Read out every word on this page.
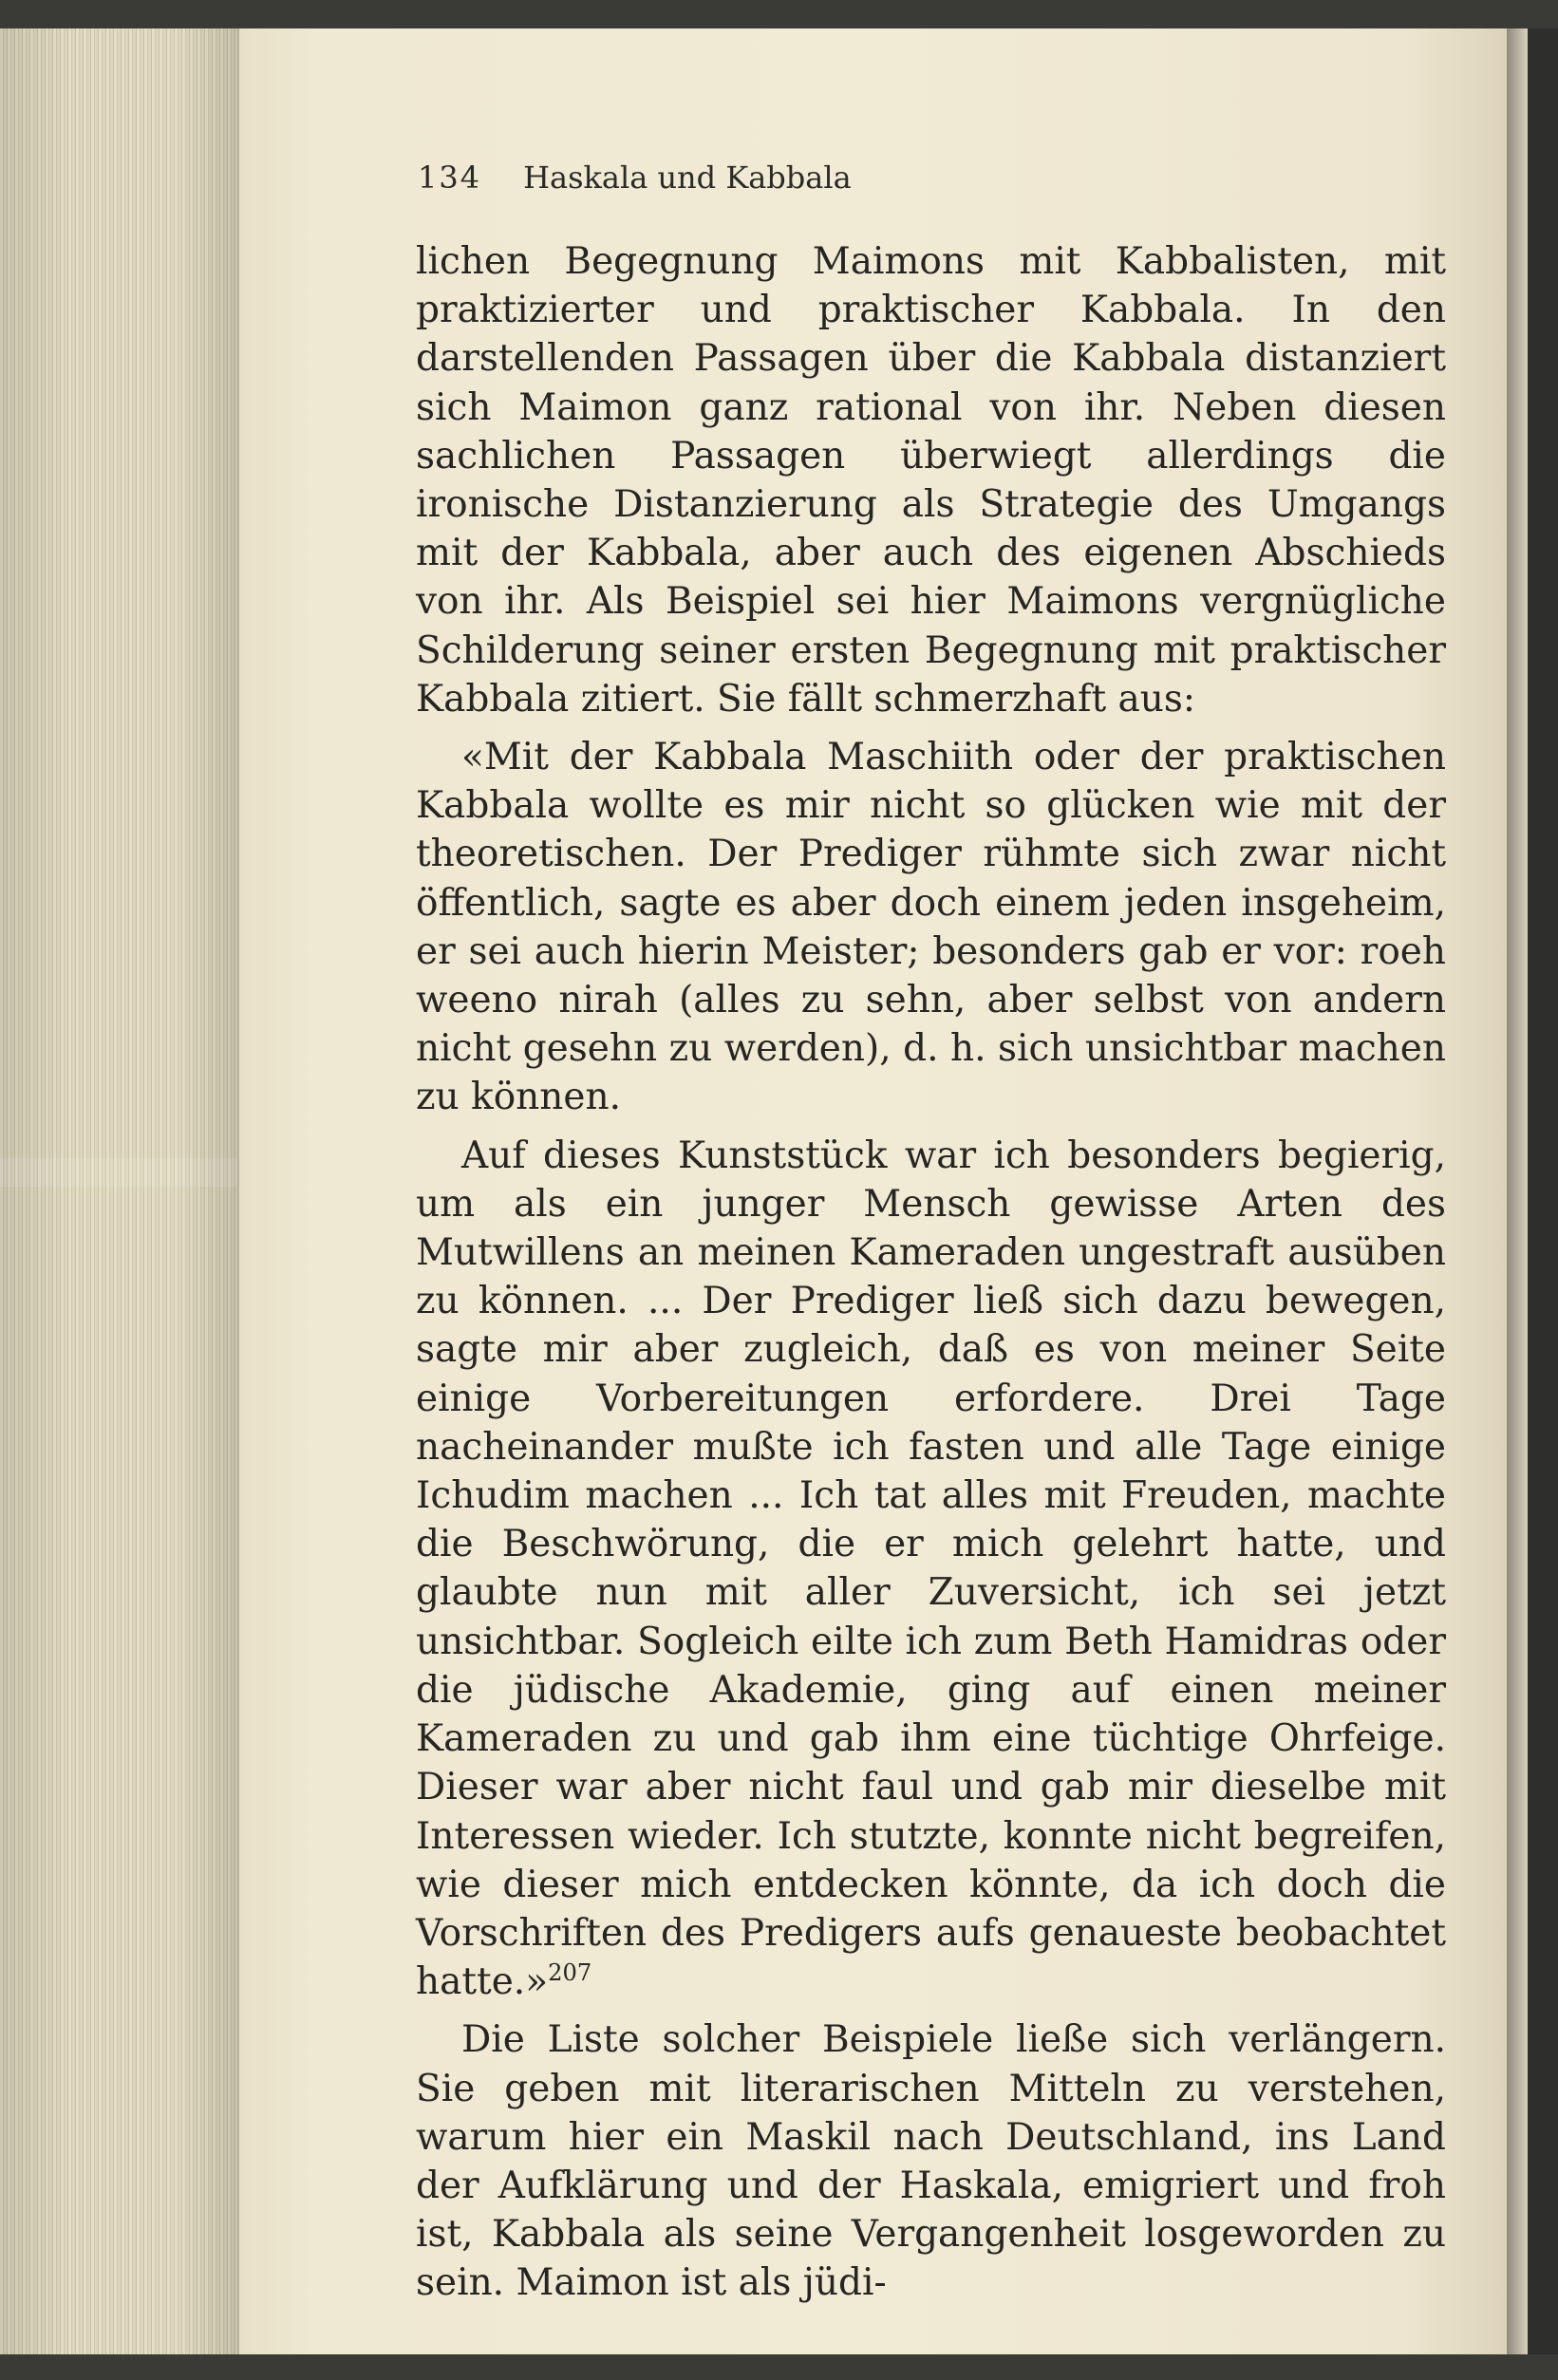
134 Haskala und Kabbala

lichen Begegnung Maimons mit Kabbalisten, mit praktizierter und praktischer Kabbala. In den darstellenden Passagen über die Kabbala distanziert sich Maimon ganz rational von ihr. Neben diesen sachlichen Passagen überwiegt allerdings die ironische Distanzierung als Strategie des Umgangs mit der Kabbala, aber auch des eigenen Abschieds von ihr. Als Beispiel sei hier Maimons vergnügliche Schilderung seiner ersten Begegnung mit praktischer Kabbala zitiert. Sie fällt schmerzhaft aus:

«Mit der Kabbala Maschiith oder der praktischen Kabbala wollte es mir nicht so glücken wie mit der theoretischen. Der Prediger rühmte sich zwar nicht öffentlich, sagte es aber doch einem jeden insgeheim, er sei auch hierin Meister; besonders gab er vor: roeh weeno nirah (alles zu sehn, aber selbst von andern nicht gesehn zu werden), d. h. sich unsichtbar machen zu können.

Auf dieses Kunststück war ich besonders begierig, um als ein junger Mensch gewisse Arten des Mutwillens an meinen Kameraden ungestraft ausüben zu können. ... Der Prediger ließ sich dazu bewegen, sagte mir aber zugleich, daß es von meiner Seite einige Vorbereitungen erfordere. Drei Tage nacheinander mußte ich fasten und alle Tage einige Ichudim machen ... Ich tat alles mit Freuden, machte die Beschwörung, die er mich gelehrt hatte, und glaubte nun mit aller Zuversicht, ich sei jetzt unsichtbar. Sogleich eilte ich zum Beth Hamidras oder die jüdische Akademie, ging auf einen meiner Kameraden zu und gab ihm eine tüchtige Ohrfeige. Dieser war aber nicht faul und gab mir dieselbe mit Interessen wieder. Ich stutzte, konnte nicht begreifen, wie dieser mich entdecken könnte, da ich doch die Vorschriften des Predigers aufs genaueste beobachtet hatte.»$^{207}$

Die Liste solcher Beispiele ließe sich verlängern. Sie geben mit literarischen Mitteln zu verstehen, warum hier ein Maskil nach Deutschland, ins Land der Aufklärung und der Haskala, emigriert und froh ist, Kabbala als seine Vergangenheit losgeworden zu sein. Maimon ist als jüdi-
